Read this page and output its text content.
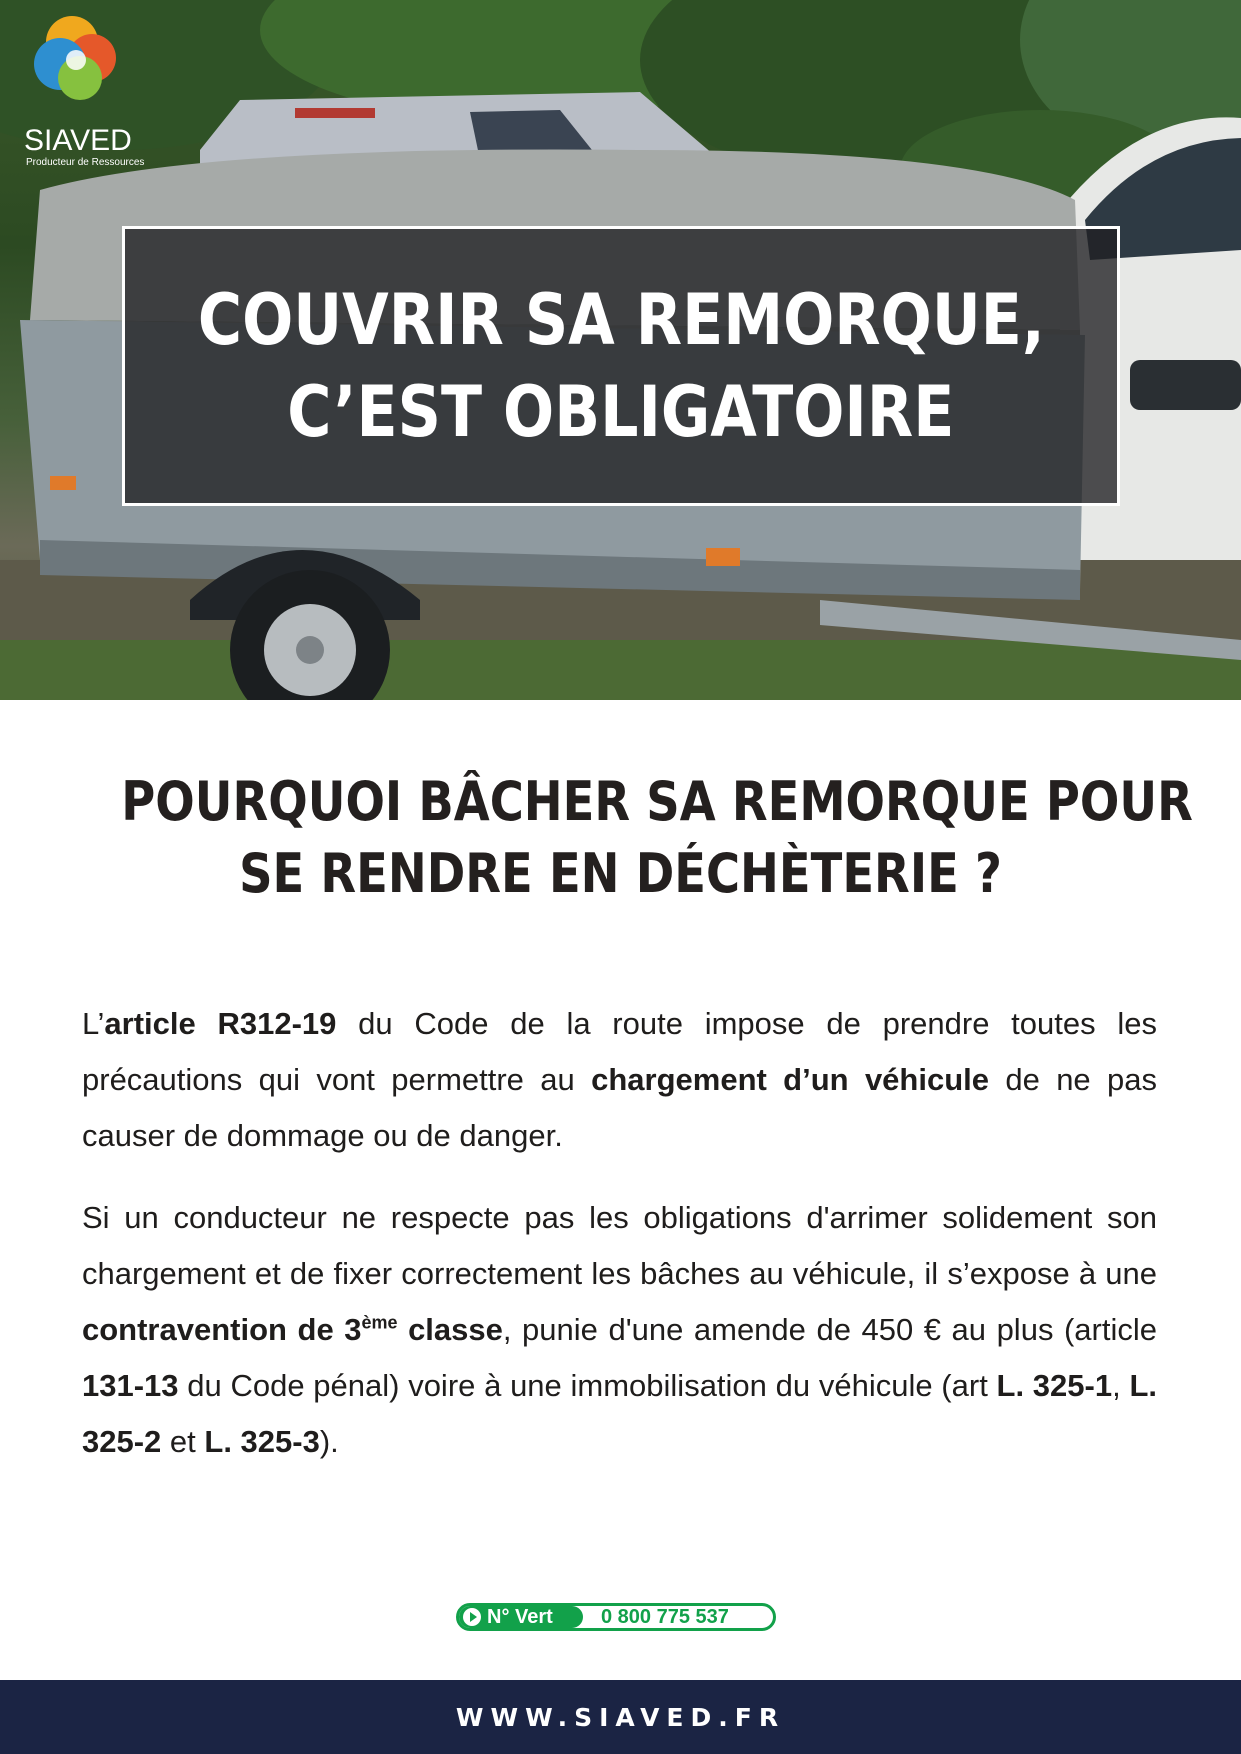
SIAVED
Producteur de Ressources
COUVRIR SA REMORQUE,
C’EST OBLIGATOIRE
POURQUOI BÂCHER SA REMORQUE POUR
SE RENDRE EN DÉCHÈTERIE ?

L’article R312-19 du Code de la route impose de prendre toutes les précautions qui vont permettre au chargement d’un véhicule de ne pas causer de dommage ou de danger.

Si un conducteur ne respecte pas les obligations d'arrimer solidement son chargement et de fixer correctement les bâches au véhicule, il s’expose à une contravention de 3ème classe, punie d'une amende de 450 € au plus (article 131-13 du Code pénal) voire à une immobilisation du véhicule (art L. 325-1, L. 325-2 et L. 325-3).

N° Vert 0 800 775 537
WWW.SIAVED.FR
